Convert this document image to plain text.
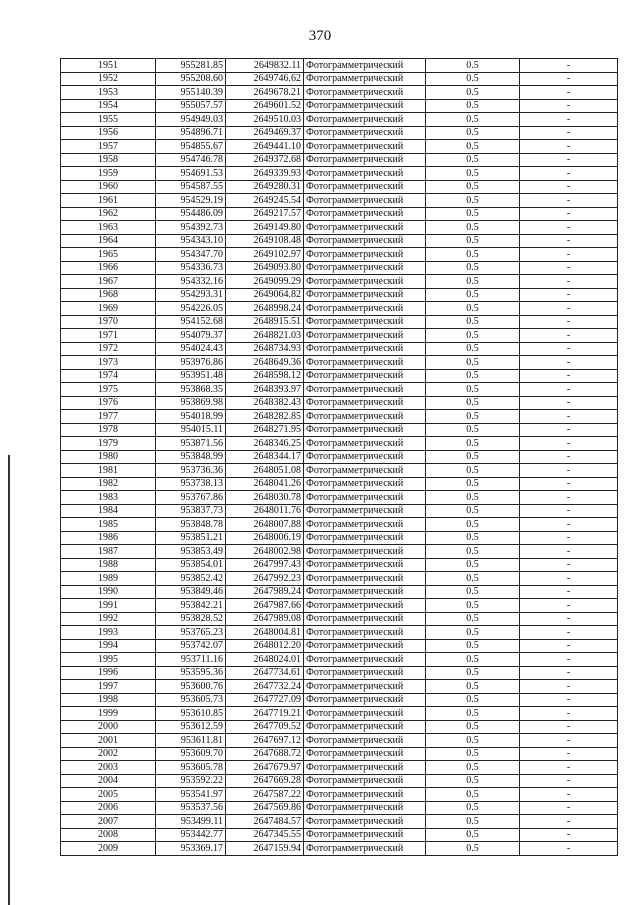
370
1951	955281.85	2649832.11	Фотограмметрический	0.5	-
1952	955208.60	2649746.62	Фотограмметрический	0.5	-
1953	955140.39	2649678.21	Фотограмметрический	0.5	-
1954	955057.57	2649601.52	Фотограмметрический	0.5	-
1955	954949.03	2649510.03	Фотограмметрический	0.5	-
1956	954896.71	2649469.37	Фотограмметрический	0.5	-
1957	954855.67	2649441.10	Фотограмметрический	0.5	-
1958	954746.78	2649372.68	Фотограмметрический	0.5	-
1959	954691.53	2649339.93	Фотограмметрический	0.5	-
1960	954587.55	2649280.31	Фотограмметрический	0.5	-
1961	954529.19	2649245.54	Фотограмметрический	0.5	-
1962	954486.09	2649217.57	Фотограмметрический	0.5	-
1963	954392.73	2649149.80	Фотограмметрический	0.5	-
1964	954343.10	2649108.48	Фотограмметрический	0.5	-
1965	954347.70	2649102.97	Фотограмметрический	0.5	-
1966	954336.73	2649093.80	Фотограмметрический	0.5	-
1967	954332.16	2649099.29	Фотограмметрический	0.5	-
1968	954293.31	2649064.82	Фотограмметрический	0.5	-
1969	954226.05	2648998.24	Фотограмметрический	0.5	-
1970	954152.68	2648915.51	Фотограмметрический	0.5	-
1971	954079.37	2648821.03	Фотограмметрический	0.5	-
1972	954024.43	2648734.93	Фотограмметрический	0.5	-
1973	953976.86	2648649.36	Фотограмметрический	0.5	-
1974	953951.48	2648598.12	Фотограмметрический	0.5	-
1975	953868.35	2648393.97	Фотограмметрический	0.5	-
1976	953869.98	2648382.43	Фотограмметрический	0.5	-
1977	954018.99	2648282.85	Фотограмметрический	0.5	-
1978	954015.11	2648271.95	Фотограмметрический	0.5	-
1979	953871.56	2648346.25	Фотограмметрический	0.5	-
1980	953848.99	2648344.17	Фотограмметрический	0.5	-
1981	953736.36	2648051.08	Фотограмметрический	0.5	-
1982	953738.13	2648041.26	Фотограмметрический	0.5	-
1983	953767.86	2648030.78	Фотограмметрический	0.5	-
1984	953837.73	2648011.76	Фотограмметрический	0.5	-
1985	953848.78	2648007.88	Фотограмметрический	0.5	-
1986	953851.21	2648006.19	Фотограмметрический	0.5	-
1987	953853.49	2648002.98	Фотограмметрический	0.5	-
1988	953854.01	2647997.43	Фотограмметрический	0.5	-
1989	953852.42	2647992.23	Фотограмметрический	0.5	-
1990	953849.46	2647989.24	Фотограмметрический	0.5	-
1991	953842.21	2647987.66	Фотограмметрический	0.5	-
1992	953828.52	2647989.08	Фотограмметрический	0.5	-
1993	953765.23	2648004.81	Фотограмметрический	0.5	-
1994	953742.07	2648012.20	Фотограмметрический	0.5	-
1995	953711.16	2648024.01	Фотограмметрический	0.5	-
1996	953595.36	2647734.61	Фотограмметрический	0.5	-
1997	953600.76	2647732.24	Фотограмметрический	0.5	-
1998	953605.73	2647727.09	Фотограмметрический	0.5	-
1999	953610.85	2647719.21	Фотограмметрический	0.5	-
2000	953612.59	2647709.52	Фотограмметрический	0.5	-
2001	953611.81	2647697.12	Фотограмметрический	0.5	-
2002	953609.70	2647688.72	Фотограмметрический	0.5	-
2003	953605.78	2647679.97	Фотограмметрический	0.5	-
2004	953592.22	2647669.28	Фотограмметрический	0.5	-
2005	953541.97	2647587.22	Фотограмметрический	0.5	-
2006	953537.56	2647569.86	Фотограмметрический	0.5	-
2007	953499.11	2647484.57	Фотограмметрический	0.5	-
2008	953442.77	2647345.55	Фотограмметрический	0.5	-
2009	953369.17	2647159.94	Фотограмметрический	0.5	-
